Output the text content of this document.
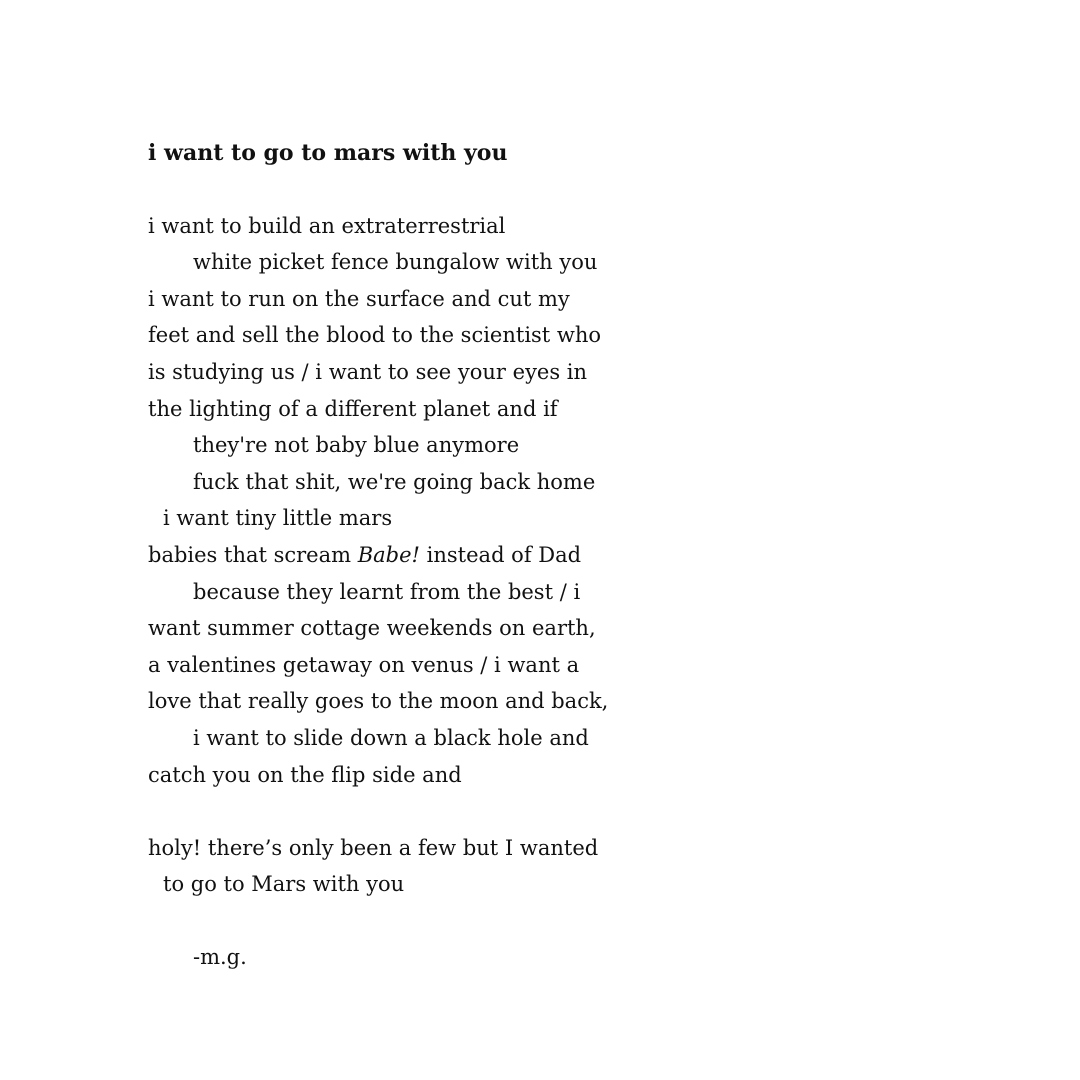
i want to go to mars with you
i want to build an extraterrestrial
white picket fence bungalow with you
i want to run on the surface and cut my
feet and sell the blood to the scientist who
is studying us / i want to see your eyes in
the lighting of a different planet and if
they're not baby blue anymore
fuck that shit, we're going back home
i want tiny little mars
babies that scream Babe! instead of Dad
because they learnt from the best / i
want summer cottage weekends on earth,
a valentines getaway on venus / i want a
love that really goes to the moon and back,
i want to slide down a black hole and
catch you on the flip side and
holy! there’s only been a few but I wanted
to go to Mars with you
-m.g.
